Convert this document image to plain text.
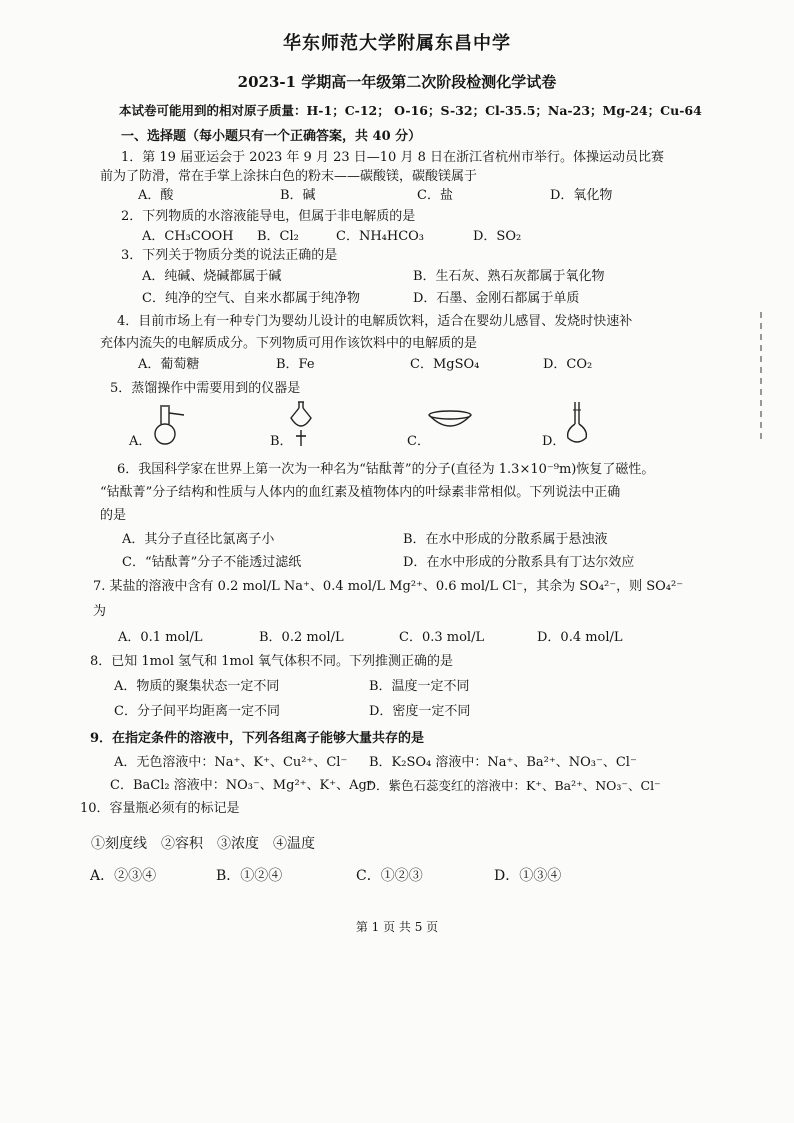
华东师范大学附属东昌中学
2023-1 学期高一年级第二次阶段检测化学试卷
本试卷可能用到的相对原子质量：H-1；C-12； O-16；S-32；Cl-35.5；Na-23；Mg-24；Cu-64
一、选择题（每小题只有一个正确答案，共 40 分）
1．第 19 届亚运会于 2023 年 9 月 23 日—10 月 8 日在浙江省杭州市举行。体操运动员比赛
前为了防滑，常在手掌上涂抹白色的粉末——碳酸镁，碳酸镁属于
A．酸	B．碱	C．盐	D．氧化物
2．下列物质的水溶液能导电，但属于非电解质的是
A．CH₃COOH B．Cl₂	C．NH₄HCO₃	D．SO₂
3．下列关于物质分类的说法正确的是
A．纯碱、烧碱都属于碱	B．生石灰、熟石灰都属于氧化物
C．纯净的空气、自来水都属于纯净物	D．石墨、金刚石都属于单质
4．目前市场上有一种专门为婴幼儿设计的电解质饮料，适合在婴幼儿感冒、发烧时快速补
充体内流失的电解质成分。下列物质可用作该饮料中的电解质的是
A．葡萄糖	B．Fe	C．MgSO₄	D．CO₂
5．蒸馏操作中需要用到的仪器是
A．	B．	C．	D．
6．我国科学家在世界上第一次为一种名为“钴酞菁”的分子(直径为 1.3×10⁻⁹m)恢复了磁性。
“钴酞菁”分子结构和性质与人体内的血红素及植物体内的叶绿素非常相似。下列说法中正确
的是
A．其分子直径比氯离子小	B．在水中形成的分散系属于悬浊液
C．“钴酞菁”分子不能透过滤纸	D．在水中形成的分散系具有丁达尔效应
7. 某盐的溶液中含有 0.2 mol/L Na⁺、0.4 mol/L Mg²⁺、0.6 mol/L Cl⁻，其余为 SO₄²⁻，则 SO₄²⁻
为
A．0.1 mol/L	B．0.2 mol/L	C．0.3 mol/L	D．0.4 mol/L
8．已知 1mol 氢气和 1mol 氧气体积不同。下列推测正确的是
A．物质的聚集状态一定不同	B．温度一定不同
C．分子间平均距离一定不同	D．密度一定不同
9．在指定条件的溶液中，下列各组离子能够大量共存的是
A．无色溶液中：Na⁺、K⁺、Cu²⁺、Cl⁻ B．K₂SO₄ 溶液中：Na⁺、Ba²⁺、NO₃⁻、Cl⁻
C．BaCl₂ 溶液中：NO₃⁻、Mg²⁺、K⁺、Ag⁺
D．紫色石蕊变红的溶液中：K⁺、Ba²⁺、NO₃⁻、Cl⁻
10．容量瓶必须有的标记是
①刻度线　②容积　③浓度　④温度
A．②③④	B．①②④	C．①②③	D．①③④
第 1 页 共 5 页
